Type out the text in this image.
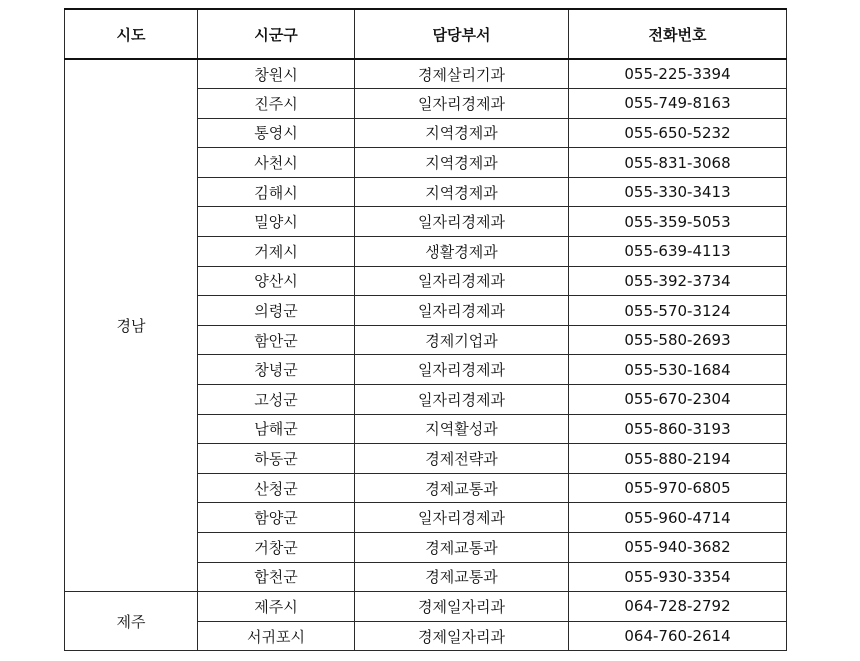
시도	시군구	담당부서	전화번호
경남	창원시	경제살리기과	055-225-3394
	진주시	일자리경제과	055-749-8163
	통영시	지역경제과	055-650-5232
	사천시	지역경제과	055-831-3068
	김해시	지역경제과	055-330-3413
	밀양시	일자리경제과	055-359-5053
	거제시	생활경제과	055-639-4113
	양산시	일자리경제과	055-392-3734
	의령군	일자리경제과	055-570-3124
	함안군	경제기업과	055-580-2693
	창녕군	일자리경제과	055-530-1684
	고성군	일자리경제과	055-670-2304
	남해군	지역활성과	055-860-3193
	하동군	경제전략과	055-880-2194
	산청군	경제교통과	055-970-6805
	함양군	일자리경제과	055-960-4714
	거창군	경제교통과	055-940-3682
	합천군	경제교통과	055-930-3354
제주	제주시	경제일자리과	064-728-2792
	서귀포시	경제일자리과	064-760-2614
